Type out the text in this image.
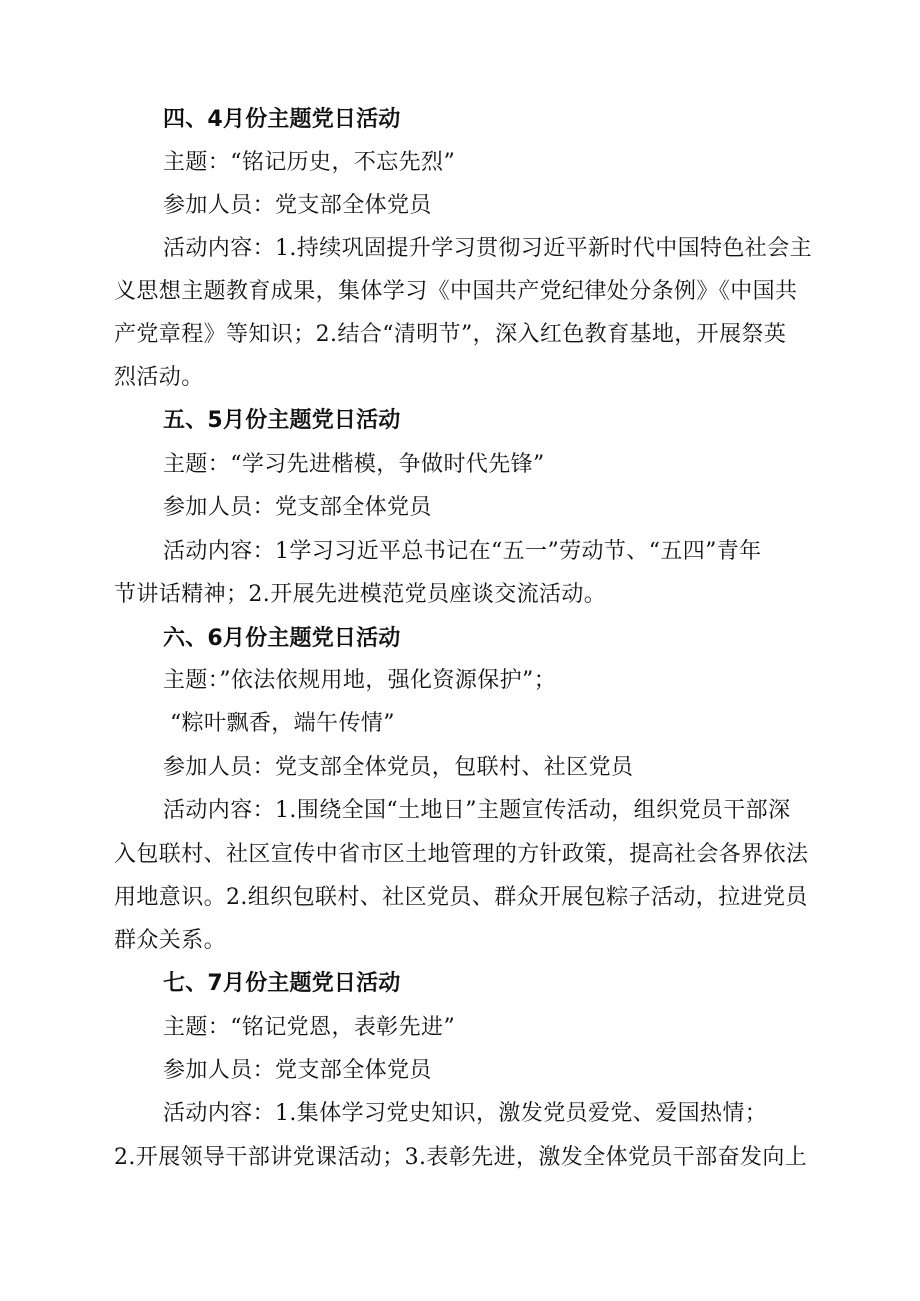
四、4月份主题党日活动
主题：“铭记历史，不忘先烈”
参加人员：党支部全体党员
活动内容：1.持续巩固提升学习贯彻习近平新时代中国特色社会主
义思想主题教育成果，集体学习《中国共产党纪律处分条例》《中国共
产党章程》等知识；2.结合“清明节”，深入红色教育基地，开展祭英
烈活动。
五、5月份主题党日活动
主题：“学习先进楷模，争做时代先锋”
参加人员：党支部全体党员
活动内容：1学习习近平总书记在“五一”劳动节、“五四”青年
节讲话精神；2.开展先进模范党员座谈交流活动。
六、6月份主题党日活动
主题：”依法依规用地，强化资源保护”；
“粽叶飘香，端午传情”
参加人员：党支部全体党员，包联村、社区党员
活动内容：1.围绕全国“土地日”主题宣传活动，组织党员干部深
入包联村、社区宣传中省市区土地管理的方针政策，提高社会各界依法
用地意识。2.组织包联村、社区党员、群众开展包粽子活动，拉进党员
群众关系。
七、7月份主题党日活动
主题：“铭记党恩，表彰先进”
参加人员：党支部全体党员
活动内容：1.集体学习党史知识，激发党员爱党、爱国热情；
2.开展领导干部讲党课活动；3.表彰先进，激发全体党员干部奋发向上
